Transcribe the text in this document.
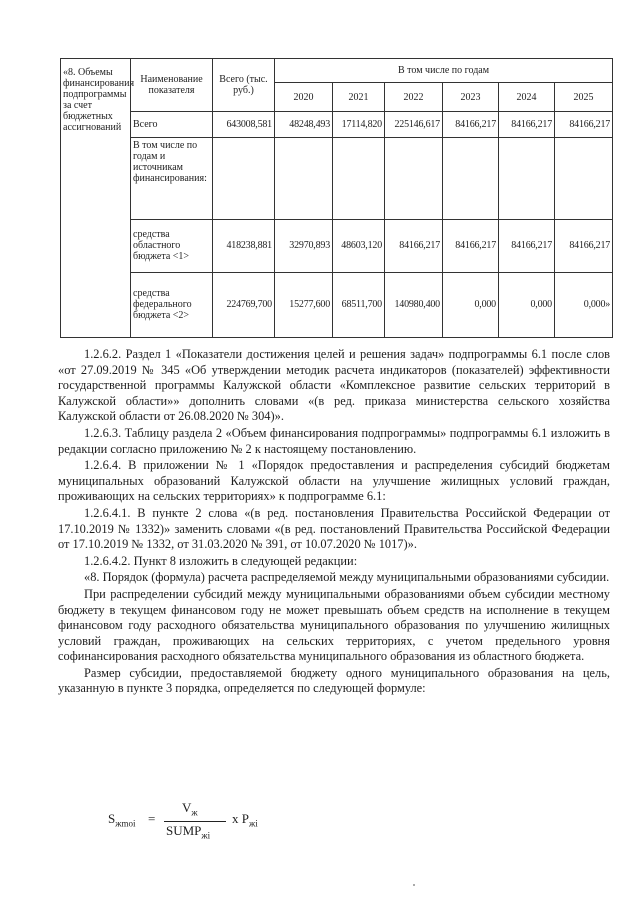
«8. Объемы финансирования подпрограммы за счет бюджетных ассигнований	Наименование показателя	Всего (тыс. руб.)	В том числе по годам					
			2020	2021	2022	2023	2024	2025
	Всего	643008,581	48248,493	17114,820	225146,617	84166,217	84166,217	84166,217
	В том числе по годам и источникам финансирования:							
	средства областного бюджета <1>	418238,881	32970,893	48603,120	84166,217	84166,217	84166,217	84166,217
	средства федерального бюджета <2>	224769,700	15277,600	68511,700	140980,400	0,000	0,000	0,000»

1.2.6.2. Раздел 1 «Показатели достижения целей и решения задач» подпрограммы 6.1 после слов «от 27.09.2019 № 345 «Об утверждении методик расчета индикаторов (показателей) эффективности государственной программы Калужской области «Комплексное развитие сельских территорий в Калужской области»» дополнить словами «(в ред. приказа министерства сельского хозяйства Калужской области от 26.08.2020 № 304)».

1.2.6.3. Таблицу раздела 2 «Объем финансирования подпрограммы» подпрограммы 6.1 изложить в редакции согласно приложению № 2 к настоящему постановлению.

1.2.6.4. В приложении № 1 «Порядок предоставления и распределения субсидий бюджетам муниципальных образований Калужской области на улучшение жилищных условий граждан, проживающих на сельских территориях» к подпрограмме 6.1:

1.2.6.4.1. В пункте 2 слова «(в ред. постановления Правительства Российской Федерации от 17.10.2019 № 1332)» заменить словами «(в ред. постановлений Правительства Российской Федерации от 17.10.2019 № 1332, от 31.03.2020 № 391, от 10.07.2020 № 1017)».

1.2.6.4.2. Пункт 8 изложить в следующей редакции:

«8. Порядок (формула) расчета распределяемой между муниципальными образованиями субсидии.

При распределении субсидий между муниципальными образованиями объем субсидии местному бюджету в текущем финансовом году не может превышать объем средств на исполнение в текущем финансовом году расходного обязательства муниципального образования по улучшению жилищных условий граждан, проживающих на сельских территориях, с учетом предельного уровня софинансирования расходного обязательства муниципального образования из областного бюджета.

Размер субсидии, предоставляемой бюджету одного муниципального образования на цель, указанную в пункте 3 порядка, определяется по следующей формуле:

$S_{жmoi}$ =
$V_ж$
$SUMP_{жi}$
x $P_{жi}$
